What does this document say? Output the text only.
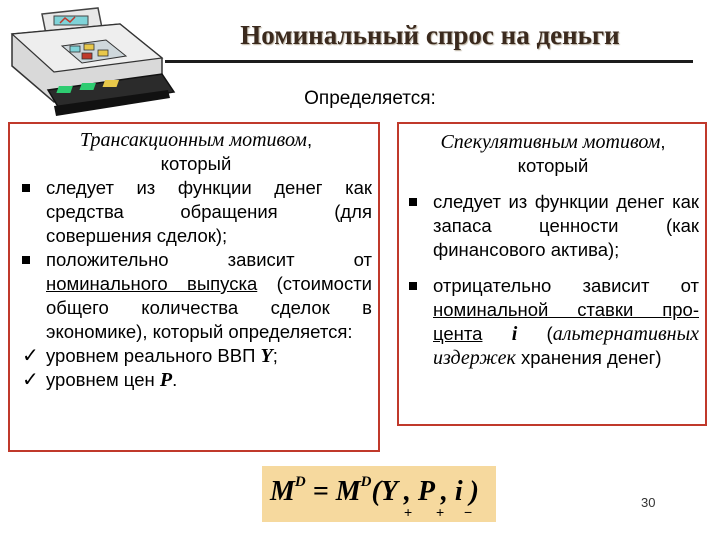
Номинальный спрос на деньги
Определяется:
Трансакционным мотивом,
который
следует из функции денег как средства обращения (для совершения сделок);
положительно зависит от номинального выпуска (стоимости общего количества сделок в экономике), который определяется:
✓ уровнем реального ВВП Y;
✓ уровнем цен P.
Спекулятивным мотивом,
который
следует из функции денег как запаса ценности (как финансового актива);
отрицательно зависит от номинальной ставки про- цента i (альтернативных издержек хранения денег)
$M^D = M^D(Y$ , P , i )
+ + −
30
